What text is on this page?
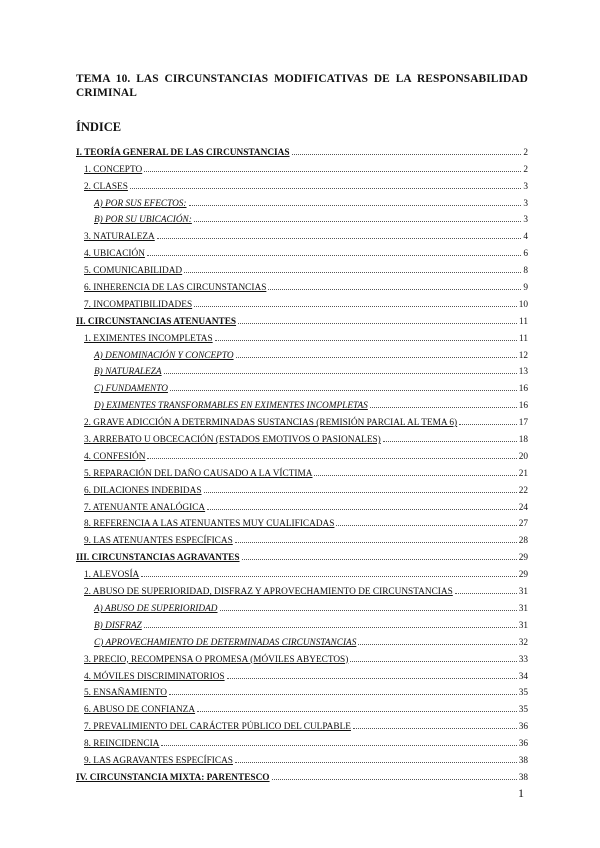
TEMA 10. LAS CIRCUNSTANCIAS MODIFICATIVAS DE LA RESPONSABILIDAD CRIMINAL
ÍNDICE
I. TEORÍA GENERAL DE LAS CIRCUNSTANCIAS	2
1. CONCEPTO	2
2. CLASES	3
A) POR SUS EFECTOS:	3
B) POR SU UBICACIÓN:	3
3. NATURALEZA	4
4. UBICACIÓN	6
5. COMUNICABILIDAD	8
6. INHERENCIA DE LAS CIRCUNSTANCIAS	9
7. INCOMPATIBILIDADES	10
II. CIRCUNSTANCIAS ATENUANTES	11
1. EXIMENTES INCOMPLETAS	11
A) DENOMINACIÓN Y CONCEPTO	12
B) NATURALEZA	13
C) FUNDAMENTO	16
D) EXIMENTES TRANSFORMABLES EN EXIMENTES INCOMPLETAS	16
2. GRAVE ADICCIÓN A DETERMINADAS SUSTANCIAS (REMISIÓN PARCIAL AL TEMA 6)	17
3. ARREBATO U OBCECACIÓN (ESTADOS EMOTIVOS O PASIONALES)	18
4. CONFESIÓN	20
5. REPARACIÓN DEL DAÑO CAUSADO A LA VÍCTIMA	21
6. DILACIONES INDEBIDAS	22
7. ATENUANTE ANALÓGICA	24
8. REFERENCIA A LAS ATENUANTES MUY CUALIFICADAS	27
9. LAS ATENUANTES ESPECÍFICAS	28
III. CIRCUNSTANCIAS AGRAVANTES	29
1. ALEVOSÍA	29
2. ABUSO DE SUPERIORIDAD, DISFRAZ Y APROVECHAMIENTO DE CIRCUNSTANCIAS	31
A) ABUSO DE SUPERIORIDAD	31
B) DISFRAZ	31
C) APROVECHAMIENTO DE DETERMINADAS CIRCUNSTANCIAS	32
3. PRECIO, RECOMPENSA O PROMESA (MÓVILES ABYECTOS)	33
4. MÓVILES DISCRIMINATORIOS	34
5. ENSAÑAMIENTO	35
6. ABUSO DE CONFIANZA	35
7. PREVALIMIENTO DEL CARÁCTER PÚBLICO DEL CULPABLE	36
8. REINCIDENCIA	36
9. LAS AGRAVANTES ESPECÍFICAS	38
IV. CIRCUNSTANCIA MIXTA: PARENTESCO	38
1
